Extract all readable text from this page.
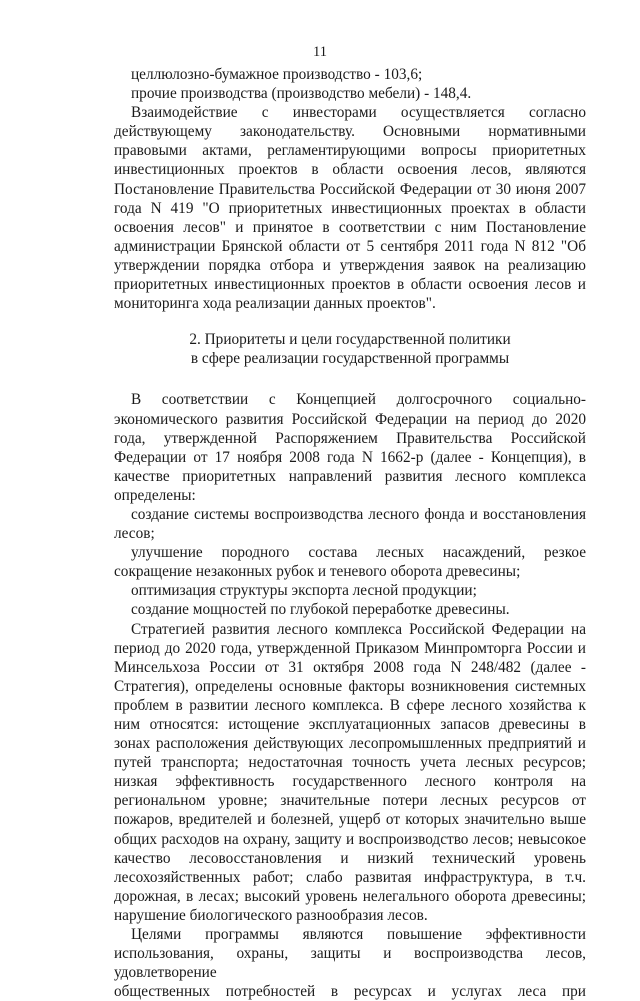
11

целлюлозно-бумажное производство - 103,6;

прочие производства (производство мебели) - 148,4.

Взаимодействие с инвесторами осуществляется согласно

действующему законодательству. Основными нормативными правовыми актами, регламентирующими вопросы приоритетных инвестиционных проектов в области освоения лесов, являются Постановление Правительства Российской Федерации от 30 июня 2007 года N 419 "О приоритетных инвестиционных проектах в области освоения лесов" и принятое в соответствии с ним Постановление администрации Брянской области от 5 сентября 2011 года N 812 "Об утверждении порядка отбора и утверждения заявок на реализацию приоритетных инвестиционных проектов в области освоения лесов и мониторинга хода реализации данных проектов".

2. Приоритеты и цели государственной политики

в сфере реализации государственной программы

В соответствии с Концепцией долгосрочного социально-

экономического развития Российской Федерации на период до 2020 года, утвержденной Распоряжением Правительства Российской Федерации от 17 ноября 2008 года N 1662-р (далее - Концепция), в качестве приоритетных направлений развития лесного комплекса определены:

создание системы воспроизводства лесного фонда и восстановления лесов;

улучшение породного состава лесных насаждений, резкое сокращение незаконных рубок и теневого оборота древесины;

оптимизация структуры экспорта лесной продукции;

создание мощностей по глубокой переработке древесины.

Стратегией развития лесного комплекса Российской Федерации на период до 2020 года, утвержденной Приказом Минпромторга России и Минсельхоза России от 31 октября 2008 года N 248/482 (далее - Стратегия), определены основные факторы возникновения системных проблем в развитии лесного комплекса. В сфере лесного хозяйства к ним относятся: истощение эксплуатационных запасов древесины в зонах расположения действующих лесопромышленных предприятий и путей транспорта; недостаточная точность учета лесных ресурсов; низкая эффективность государственного лесного контроля на региональном уровне; значительные потери лесных ресурсов от пожаров, вредителей и болезней, ущерб от которых значительно выше общих расходов на охрану, защиту и воспроизводство лесов; невысокое качество лесовосстановления и низкий технический уровень лесохозяйственных работ; слабо развитая инфраструктура, в т.ч. дорожная, в лесах; высокий уровень нелегального оборота древесины; нарушение биологического разнообразия лесов.

Целями программы являются повышение эффективности

использования, охраны, защиты и воспроизводства лесов, удовлетворение

общественных потребностей в ресурсах и услугах леса при
